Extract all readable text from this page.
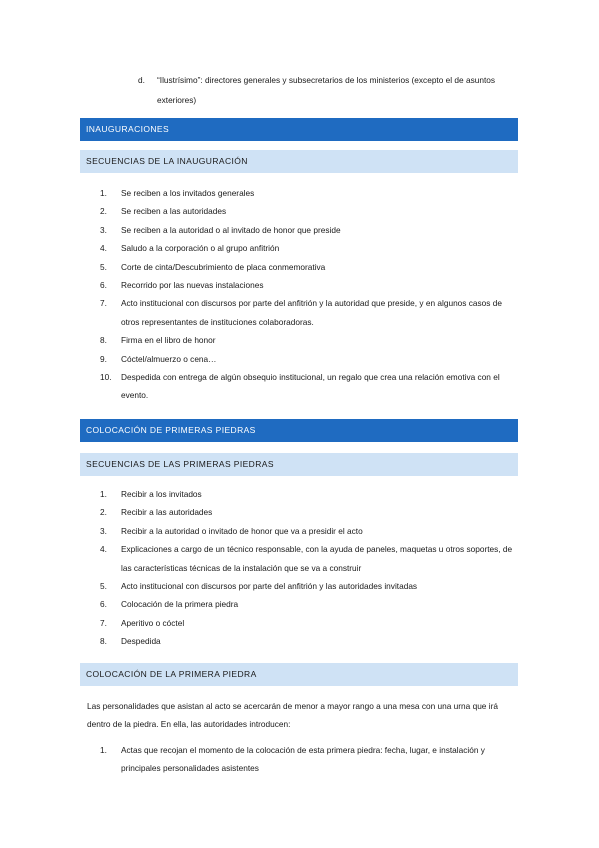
d. “Ilustrísimo”: directores generales y subsecretarios de los ministerios (excepto el de asuntos exteriores)
INAUGURACIONES
SECUENCIAS DE LA INAUGURACIÓN
1.	Se reciben a los invitados generales
2.	Se reciben a las autoridades
3.	Se reciben a la autoridad o al invitado de honor que preside
4.	Saludo a la corporación o al grupo anfitrión
5.	Corte de cinta/Descubrimiento de placa conmemorativa
6.	Recorrido por las nuevas instalaciones
7.	Acto institucional con discursos por parte del anfitrión y la autoridad que preside, y en algunos casos de otros representantes de instituciones colaboradoras.
8.	Firma en el libro de honor
9.	Cóctel/almuerzo o cena…
10.	Despedida con entrega de algún obsequio institucional, un regalo que crea una relación emotiva con el evento.
COLOCACIÓN DE PRIMERAS PIEDRAS
SECUENCIAS DE LAS PRIMERAS PIEDRAS
1.	Recibir a los invitados
2.	Recibir a las autoridades
3.	Recibir a la autoridad o invitado de honor que va a presidir el acto
4.	Explicaciones a cargo de un técnico responsable, con la ayuda de paneles, maquetas u otros soportes, de las características técnicas de la instalación que se va a construir
5.	Acto institucional con discursos por parte del anfitrión y las autoridades invitadas
6.	Colocación de la primera piedra
7.	Aperitivo o cóctel
8.	Despedida
COLOCACIÓN DE LA PRIMERA PIEDRA

Las personalidades que asistan al acto se acercarán de menor a mayor rango a una mesa con una urna que irá dentro de la piedra. En ella, las autoridades introducen:

1.	Actas que recojan el momento de la colocación de esta primera piedra: fecha, lugar, e instalación y principales personalidades asistentes
